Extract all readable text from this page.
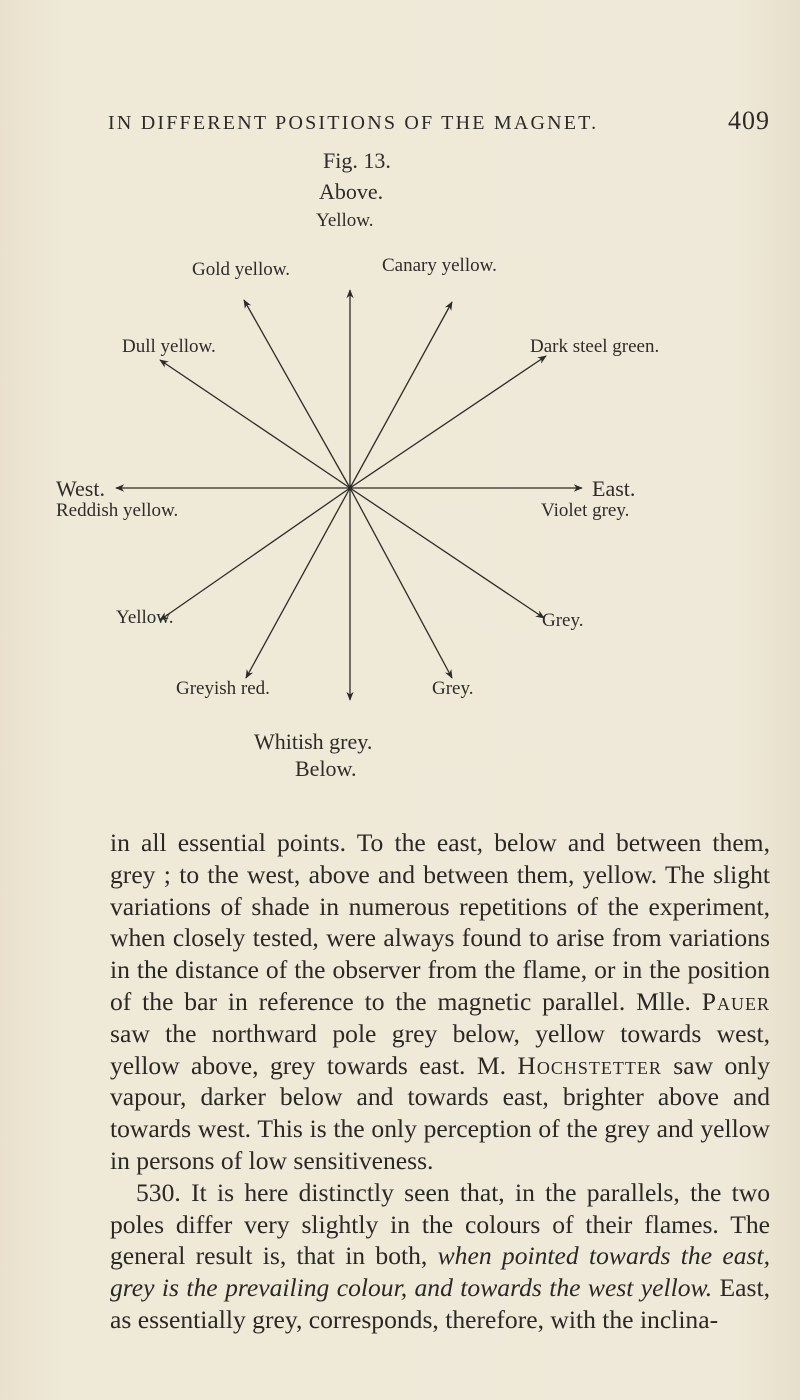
IN DIFFERENT POSITIONS OF THE MAGNET.	409
Fig. 13.
Above.
Yellow.
Gold yellow.	Canary yellow.
Dull yellow.	Dark steel green.
West.	East.
Reddish yellow.	Violet grey.
Yellow.	Grey.
Greyish red.	Grey.
Whitish grey.
Below.

in all essential points. To the east, below and between them, grey ; to the west, above and between them, yellow. The slight variations of shade in numerous repetitions of the experiment, when closely tested, were always found to arise from variations in the distance of the observer from the flame, or in the position of the bar in reference to the magnetic parallel. Mlle. Pauer saw the northward pole grey below, yellow towards west, yellow above, grey towards east. M. Hochstetter saw only vapour, darker below and towards east, brighter above and towards west. This is the only perception of the grey and yellow in persons of low sensitiveness.

530. It is here distinctly seen that, in the parallels, the two poles differ very slightly in the colours of their flames. The general result is, that in both, when pointed towards the east, grey is the prevailing colour, and towards the west yellow. East, as essentially grey, corresponds, therefore, with the inclina-
